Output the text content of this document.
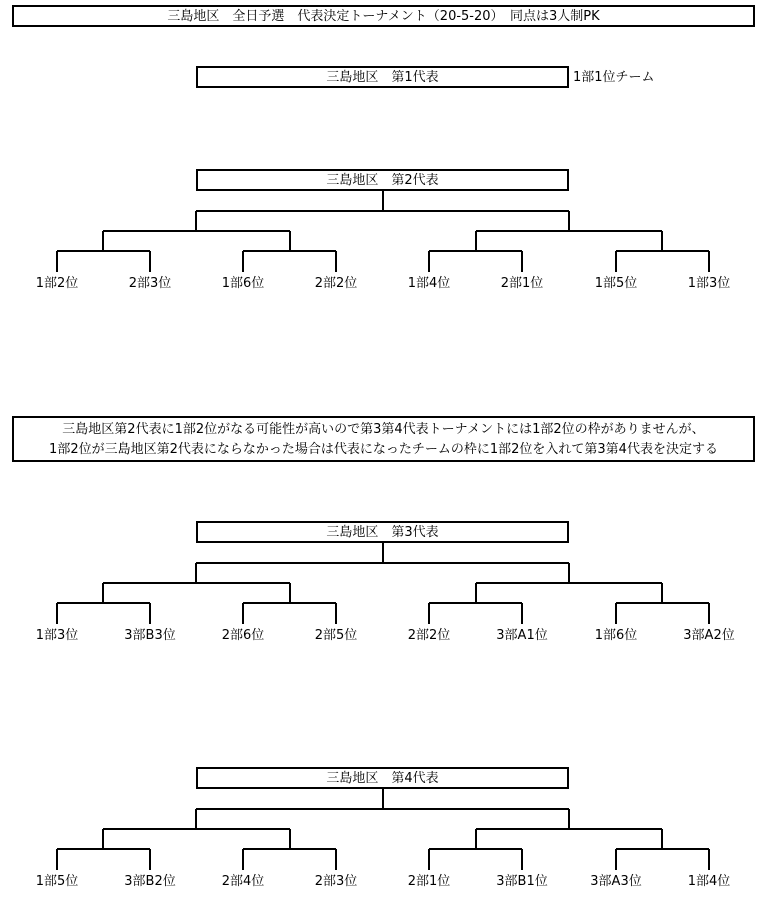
三島地区　全日予選　代表決定トーナメント（20-5-20）　同点は3人制PK
三島地区　第1代表	1部1位チーム
三島地区　第2代表
1部2位	2部3位	1部6位	2部2位	1部4位	2部1位	1部5位	1部3位
三島地区第2代表に1部2位がなる可能性が高いので第3第4代表トーナメントには1部2位の枠がありませんが、
1部2位が三島地区第2代表にならなかった場合は代表になったチームの枠に1部2位を入れて第3第4代表を決定する
三島地区　第3代表
1部3位	3部B3位	2部6位	2部5位	2部2位	3部A1位	1部6位	3部A2位
三島地区　第4代表
1部5位	3部B2位	2部4位	2部3位	2部1位	3部B1位	3部A3位	1部4位
